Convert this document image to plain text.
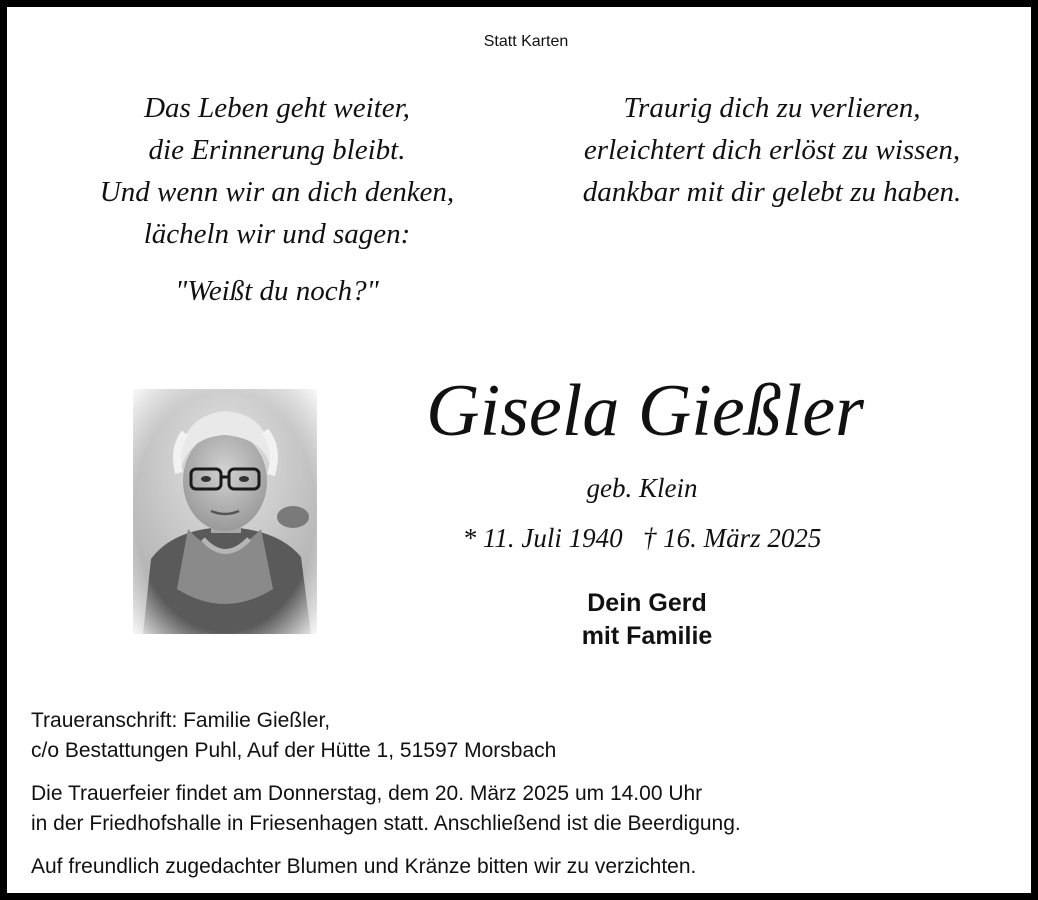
Statt Karten
Das Leben geht weiter,
die Erinnerung bleibt.
Und wenn wir an dich denken,
lächeln wir und sagen:
"Weißt du noch?"
Traurig dich zu verlieren,
erleichtert dich erlöst zu wissen,
dankbar mit dir gelebt zu haben.
Gisela Gießler
geb. Klein
* 11. Juli 1940   † 16. März 2025
Dein Gerd
mit Familie
Traueranschrift: Familie Gießler,
c/o Bestattungen Puhl, Auf der Hütte 1, 51597 Morsbach
Die Trauerfeier findet am Donnerstag, dem 20. März 2025 um 14.00 Uhr
in der Friedhofshalle in Friesenhagen statt. Anschließend ist die Beerdigung.
Auf freundlich zugedachter Blumen und Kränze bitten wir zu verzichten.
